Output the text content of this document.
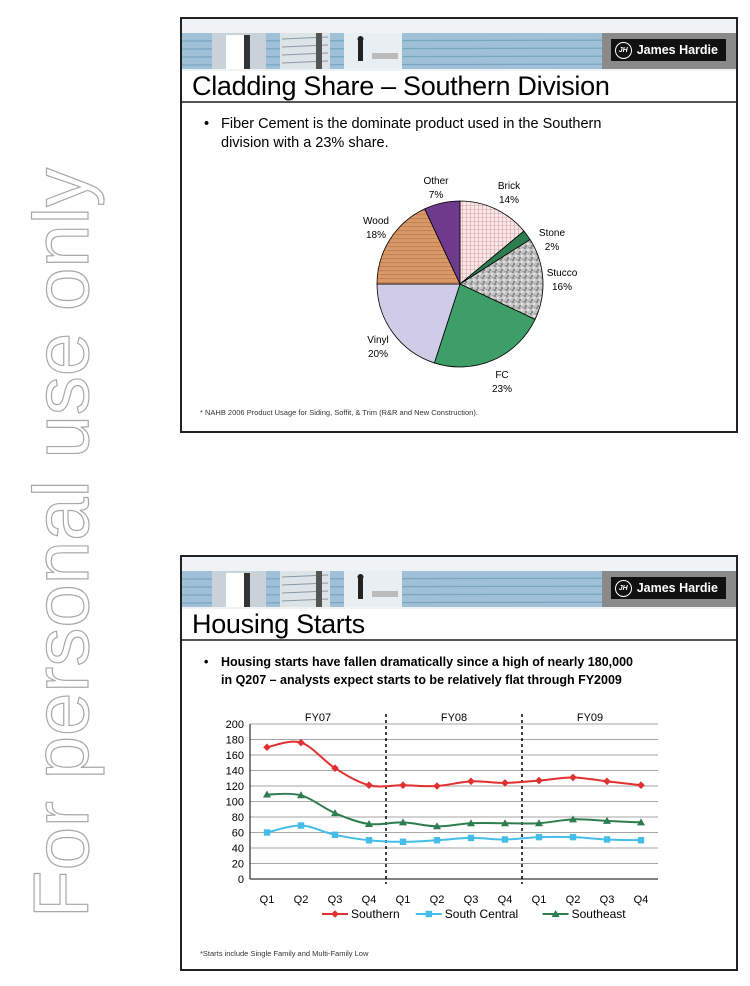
For personal use only
JH James Hardie
Cladding Share – Southern Division
• Fiber Cement is the dominate product used in the Southern division with a 23% share.
Brick
14%
Stone
2%
Stucco
16%
FC
23%
Vinyl
20%
Wood
18%
Other
7%
* NAHB 2006 Product Usage for Siding, Soffit, & Trim (R&R and New Construction).
JH James Hardie
Housing Starts
•	Housing starts have fallen dramatically since a high of nearly 180,000 in Q207 – analysts expect starts to be relatively flat through FY2009
0
20
40
60
80
100
120
140
160
180
200
Q1 Q2 Q3 Q4 Q1 Q2 Q3 Q4 Q1 Q2 Q3 Q4
FY07	FY08	FY09
Southern	South Central	Southeast
*Starts include Single Family and Multi-Family Low
